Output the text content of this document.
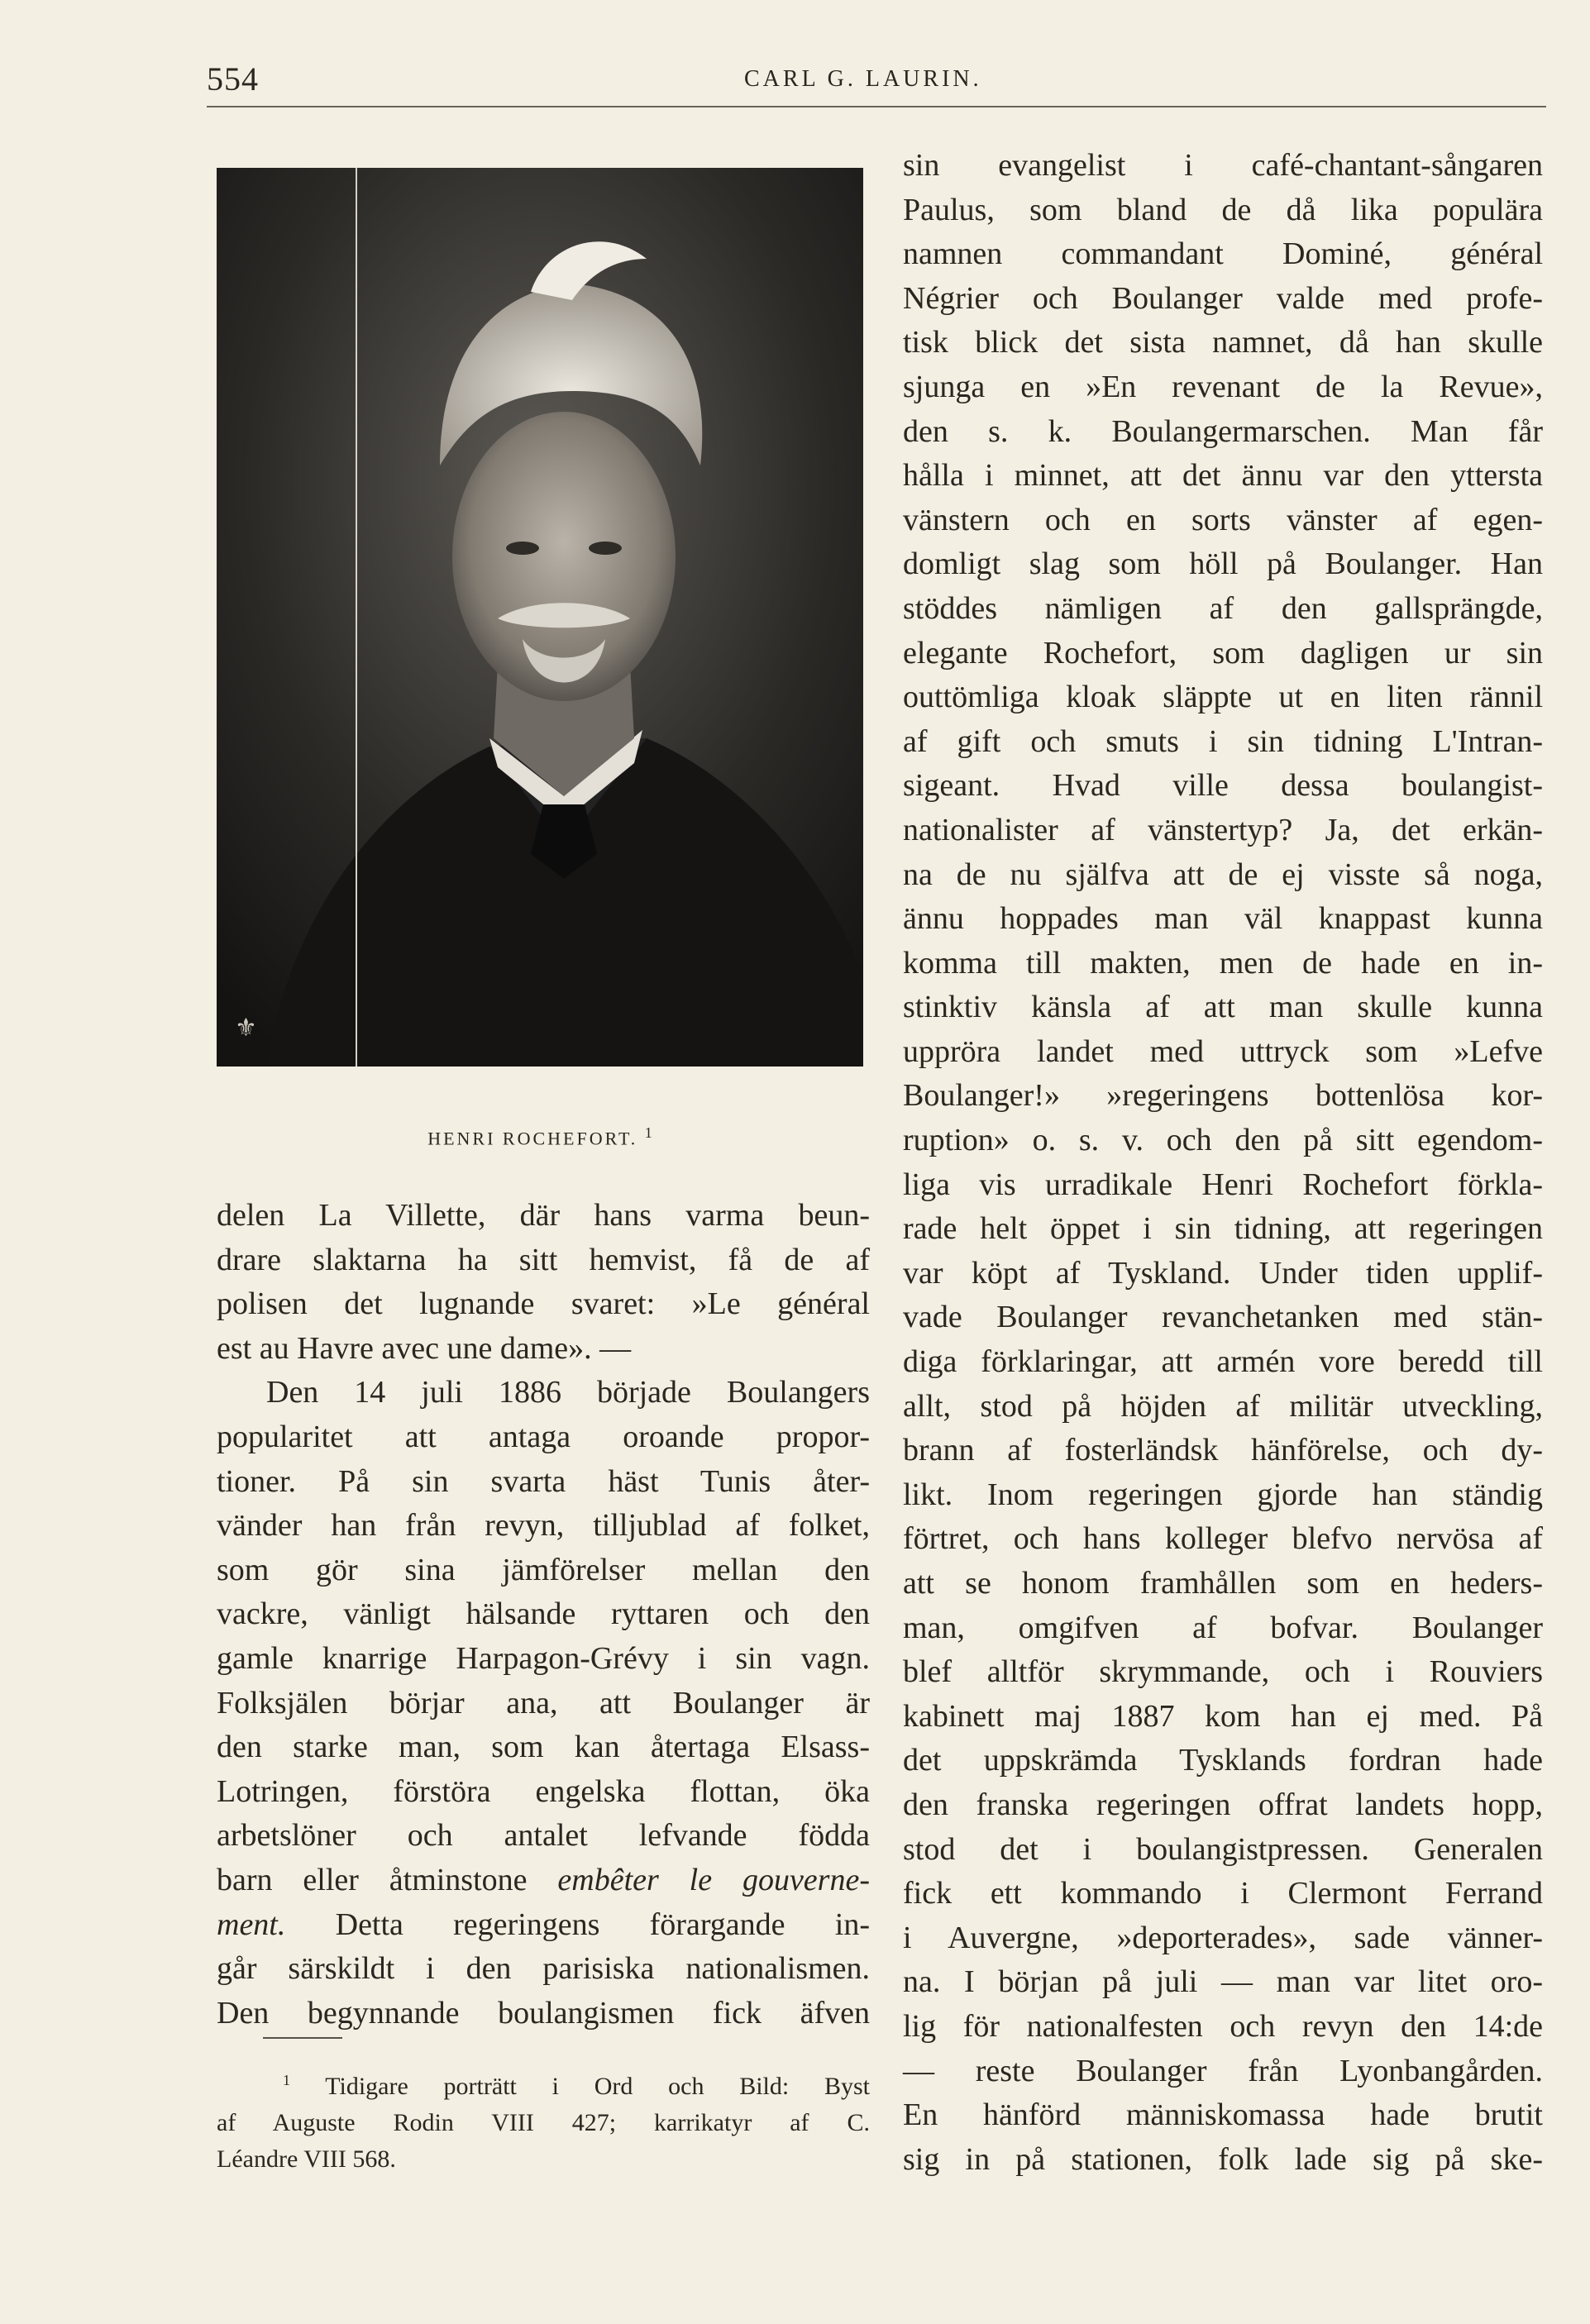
554	CARL G. LAURIN.
⚜
HENRI ROCHEFORT. $^1$
delen La Villette, där hans varma beun-
drare slaktarna ha sitt hemvist, få de af
polisen det lugnande svaret: »Le général
est au Havre avec une dame». —
Den 14 juli 1886 började Boulangers
popularitet att antaga oroande propor-
tioner. På sin svarta häst Tunis åter-
vänder han från revyn, tilljublad af folket,
som gör sina jämförelser mellan den
vackre, vänligt hälsande ryttaren och den
gamle knarrige Harpagon-Grévy i sin vagn.
Folksjälen börjar ana, att Boulanger är
den starke man, som kan återtaga Elsass-
Lotringen, förstöra engelska flottan, öka
arbetslöner och antalet lefvande födda
barn eller åtminstone embêter le gouverne-
ment. Detta regeringens förargande in-
går särskildt i den parisiska nationalismen.
Den begynnande boulangismen fick äfven
$^1$ Tidigare porträtt i Ord och Bild: Byst
af Auguste Rodin VIII 427; karrikatyr af C.
Léandre VIII 568.
sin evangelist i café-chantant-sångaren
Paulus, som bland de då lika populära
namnen commandant Dominé, général
Négrier och Boulanger valde med profe-
tisk blick det sista namnet, då han skulle
sjunga en »En revenant de la Revue»,
den s. k. Boulangermarschen. Man får
hålla i minnet, att det ännu var den yttersta
vänstern och en sorts vänster af egen-
domligt slag som höll på Boulanger. Han
stöddes nämligen af den gallsprängde,
elegante Rochefort, som dagligen ur sin
outtömliga kloak släppte ut en liten rännil
af gift och smuts i sin tidning L'Intran-
sigeant. Hvad ville dessa boulangist-
nationalister af vänstertyp? Ja, det erkän-
na de nu själfva att de ej visste så noga,
ännu hoppades man väl knappast kunna
komma till makten, men de hade en in-
stinktiv känsla af att man skulle kunna
uppröra landet med uttryck som »Lefve
Boulanger!» »regeringens bottenlösa kor-
ruption» o. s. v. och den på sitt egendom-
liga vis urradikale Henri Rochefort förkla-
rade helt öppet i sin tidning, att regeringen
var köpt af Tyskland. Under tiden upplif-
vade Boulanger revanchetanken med stän-
diga förklaringar, att armén vore beredd till
allt, stod på höjden af militär utveckling,
brann af fosterländsk hänförelse, och dy-
likt. Inom regeringen gjorde han ständig
förtret, och hans kolleger blefvo nervösa af
att se honom framhållen som en heders-
man, omgifven af bofvar. Boulanger
blef alltför skrymmande, och i Rouviers
kabinett maj 1887 kom han ej med. På
det uppskrämda Tysklands fordran hade
den franska regeringen offrat landets hopp,
stod det i boulangistpressen. Generalen
fick ett kommando i Clermont Ferrand
i Auvergne, »deporterades», sade vänner-
na. I början på juli — man var litet oro-
lig för nationalfesten och revyn den 14:de
— reste Boulanger från Lyonbangården.
En hänförd människomassa hade brutit
sig in på stationen, folk lade sig på ske-
